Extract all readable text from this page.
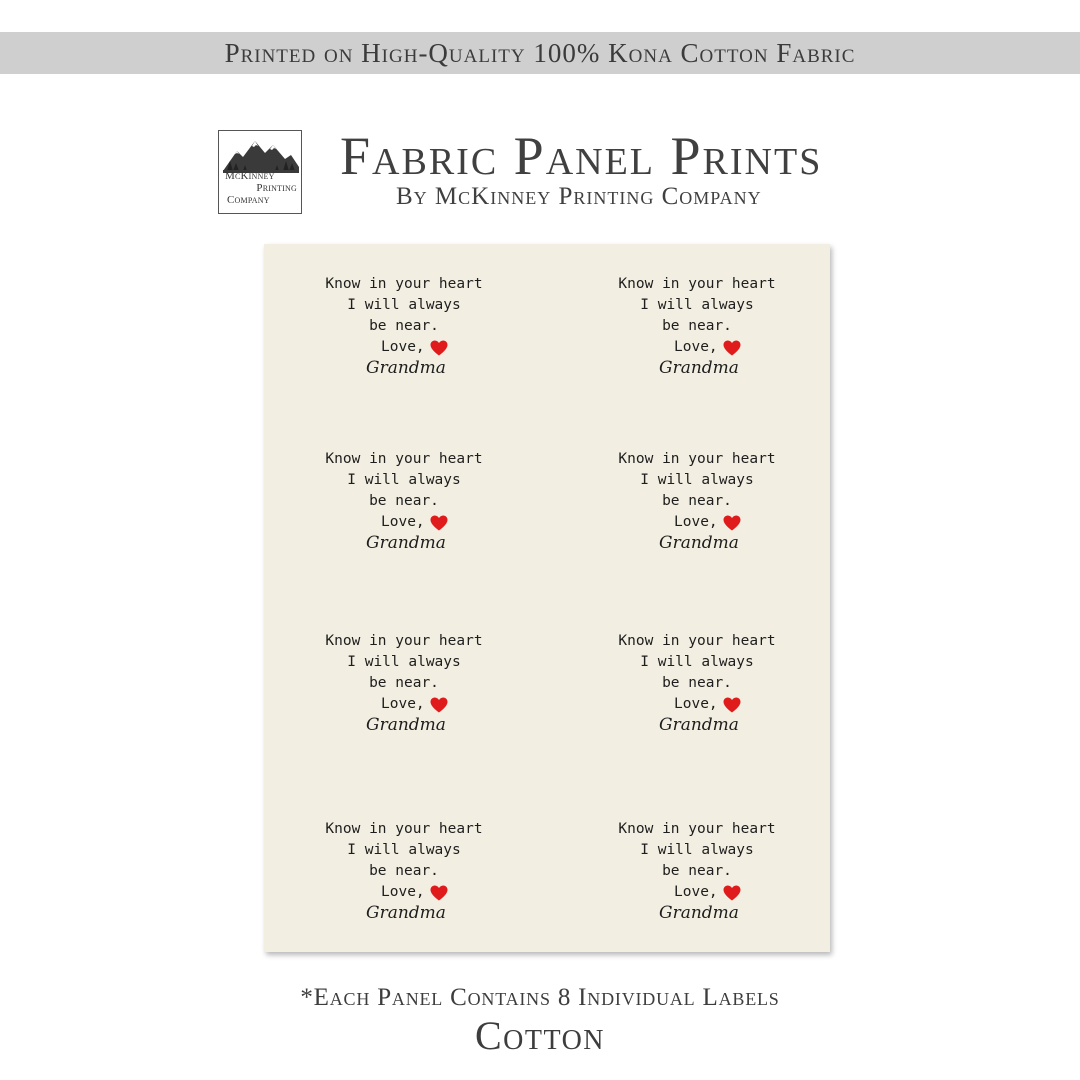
Printed on High-Quality 100% Kona Cotton Fabric
McKinney
Printing
Company
Fabric Panel Prints
By McKinney Printing Company
Know in your heart
I will always
be near.
Love,
Grandma
Know in your heart
I will always
be near.
Love,
Grandma
Know in your heart
I will always
be near.
Love,
Grandma
Know in your heart
I will always
be near.
Love,
Grandma
Know in your heart
I will always
be near.
Love,
Grandma
Know in your heart
I will always
be near.
Love,
Grandma
Know in your heart
I will always
be near.
Love,
Grandma
Know in your heart
I will always
be near.
Love,
Grandma
*Each Panel Contains 8 Individual Labels
Cotton
